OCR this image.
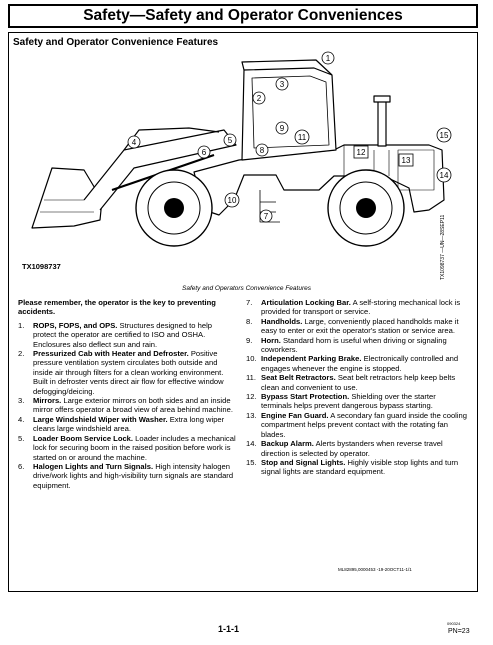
Safety—Safety and Operator Conveniences
Safety and Operator Convenience Features
1
2
3
4	5
6
7
8
9
10
11
12
13
14
15
TX1098737	TX1098737 —UN—28SEP11
Safety and Operators Convenience Features
Please remember, the operator is the key to preventing accidents.
1.	ROPS, FOPS, and OPS. Structures designed to help protect the operator are certified to ISO and OSHA. Enclosures also deflect sun and rain.
2.	Pressurized Cab with Heater and Defroster. Positive pressure ventilation system circulates both outside and inside air through filters for a clean working environment. Built in defroster vents direct air flow for effective window defogging/deicing.
3.	Mirrors. Large exterior mirrors on both sides and an inside mirror offers operator a broad view of area behind machine.
4.	Large Windshield Wiper with Washer. Extra long wiper cleans large windshield area.
5.	Loader Boom Service Lock. Loader includes a mechanical lock for securing boom in the raised position before work is started on or around the machine.
6.	Halogen Lights and Turn Signals. High intensity halogen drive/work lights and high-visibility turn signals are standard equipment.
7.	Articulation Locking Bar. A self-storing mechanical lock is provided for transport or service.
8.	Handholds. Large, conveniently placed handholds make it easy to enter or exit the operator's station or service area.
9.	Horn. Standard horn is useful when driving or signaling coworkers.
10. Independent Parking Brake. Electronically controlled and engages whenever the engine is stopped.
11. Seat Belt Retractors. Seat belt retractors help keep belts clean and convenient to use.
12. Bypass Start Protection. Shielding over the starter terminals helps prevent dangerous bypass starting.
13. Engine Fan Guard. A secondary fan guard inside the cooling compartment helps prevent contact with the rotating fan blades.
14. Backup Alarm. Alerts bystanders when reverse travel direction is selected by operator.
15. Stop and Signal Lights. Highly visible stop lights and turn signal lights are standard equipment.
ML82895,0000453 -19-20OCT11-1/1
1-1-1
090324
PN=23
